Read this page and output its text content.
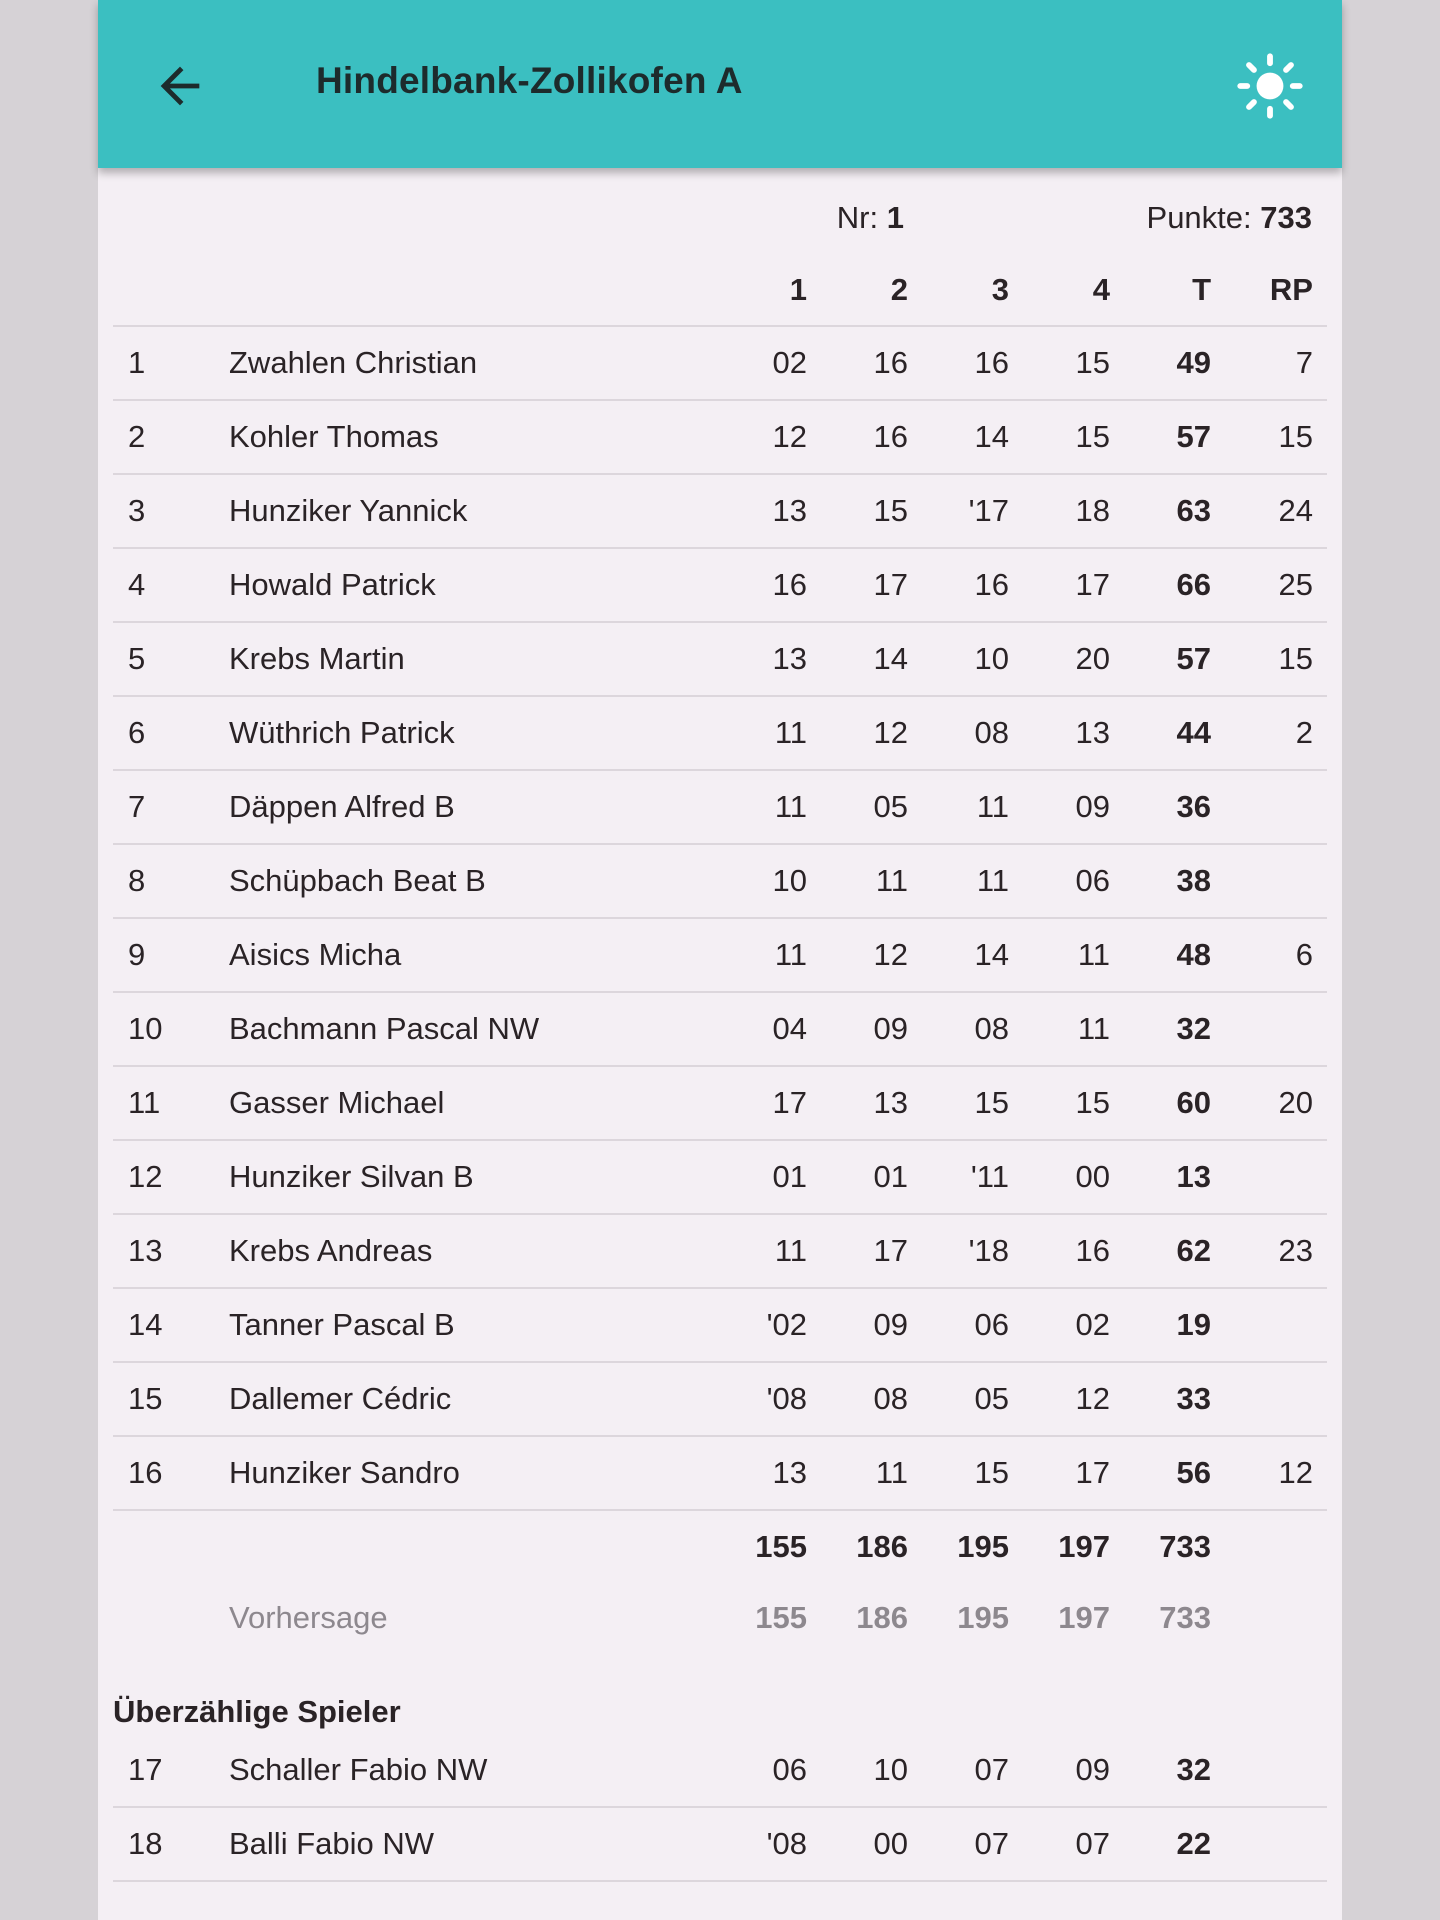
Hindelbank-Zollikofen A
Nr: 1	Punkte: 733
1	2	3	4	T RP
1	Zwahlen Christian	02 16 16 15 49	7
2	Kohler Thomas	12 16 14 15 57 15
3	Hunziker Yannick	13 15 '17 18 63 24
4	Howald Patrick	16 17 16 17 66 25
5	Krebs Martin	13 14 10 20 57 15
6	Wüthrich Patrick	11 12 08 13 44	2
7	Däppen Alfred B	11 05 11 09 36
8	Schüpbach Beat B	10 11 11 06 38
9	Aisics Micha	11 12 14 11 48	6
10 Bachmann Pascal NW	04 09 08 11 32
11 Gasser Michael	17 13 15 15 60 20
12 Hunziker Silvan B	01 01 '11 00 13
13 Krebs Andreas	11 17 '18 16 62 23
14 Tanner Pascal B	'02 09 06 02 19
15 Dallemer Cédric	'08 08 05 12 33
16 Hunziker Sandro	13 11 15 17 56 12
155 186 195 197 733
Vorhersage	155 186 195 197 733
Überzählige Spieler
17 Schaller Fabio NW	06 10 07 09 32
18 Balli Fabio NW	'08 00 07 07 22
